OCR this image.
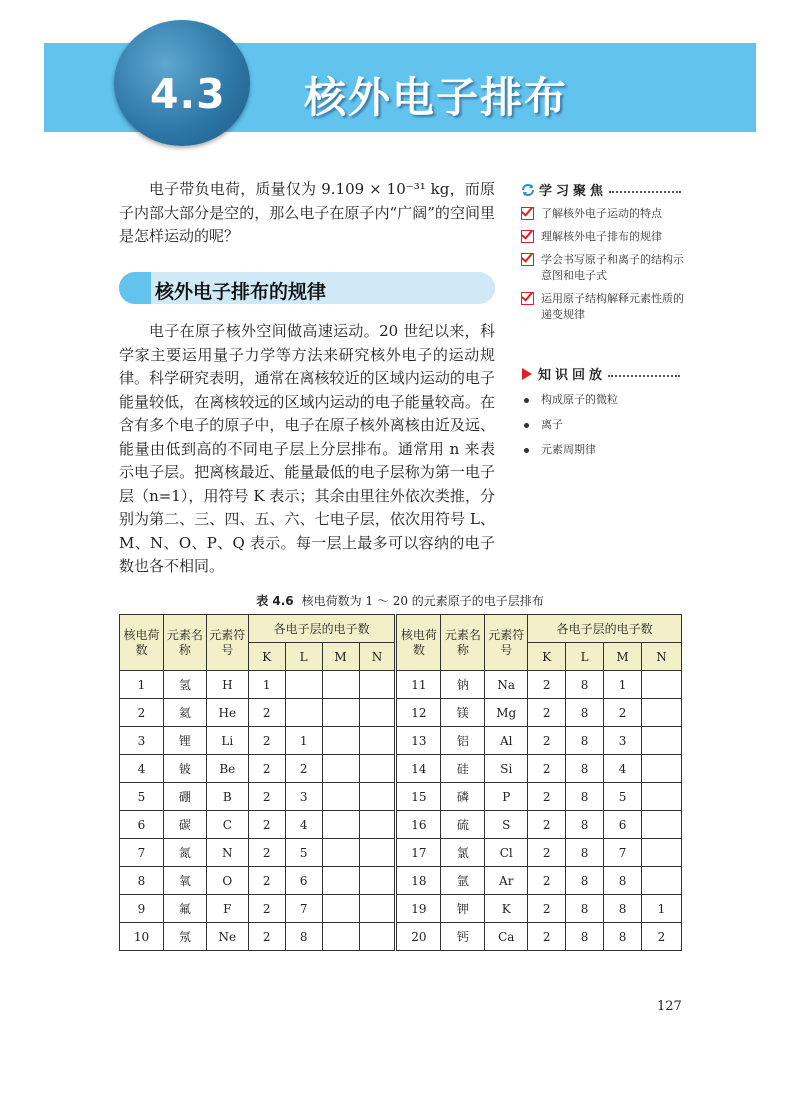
4.3 核外电子排布
电子带负电荷，质量仅为 9.109 × 10⁻³¹ kg，而原子内部大部分是空的，那么电子在原子内“广阔”的空间里是怎样运动的呢？
学习聚焦
了解核外电子运动的特点
理解核外电子排布的规律
学会书写原子和离子的结构示意图和电子式
运用原子结构解释元素性质的递变规律
知识回放
构成原子的微粒
离子
元素周期律
核外电子排布的规律
电子在原子核外空间做高速运动。20 世纪以来，科学家主要运用量子力学等方法来研究核外电子的运动规律。 科学研究表明，通常在离核较近的区域内运动的电子能量较低，在离核较远的区域内运动的电子能量较高。在含有多个电子的原子中，电子在原子核外离核由近及远、能量由低到高的不同电子层上分层排布。通常用 n 来表示电子层。把离核最近、能量最低的电子层称为第一电子层（n=1），用符号 K 表示；其余由里往外依次类推，分别为第二、三、四、五、六、七电子层，依次用符号 L、M、N、O、P、Q 表示。每一层上最多可以容纳的电子数也各不相同。
表 4.6 核电荷数为 1 ～ 20 的元素原子的电子层排布
核电荷数	元素名称	元素符号	各电子层的电子数				核电荷数	元素名称	元素符号	各电子层的电子数			
			K	L	M	N				K	L	M	N
1	氢	H	1				11	钠	Na	2	8	1	
2	氦	He	2				12	镁	Mg	2	8	2	
3	锂	Li	2	1			13	铝	Al	2	8	3	
4	铍	Be	2	2			14	硅	Si	2	8	4	
5	硼	B	2	3			15	磷	P	2	8	5	
6	碳	C	2	4			16	硫	S	2	8	6	
7	氮	N	2	5			17	氯	Cl	2	8	7	
8	氧	O	2	6			18	氩	Ar	2	8	8	
9	氟	F	2	7			19	钾	K	2	8	8	1
10	氖	Ne	2	8			20	钙	Ca	2	8	8	2
127
